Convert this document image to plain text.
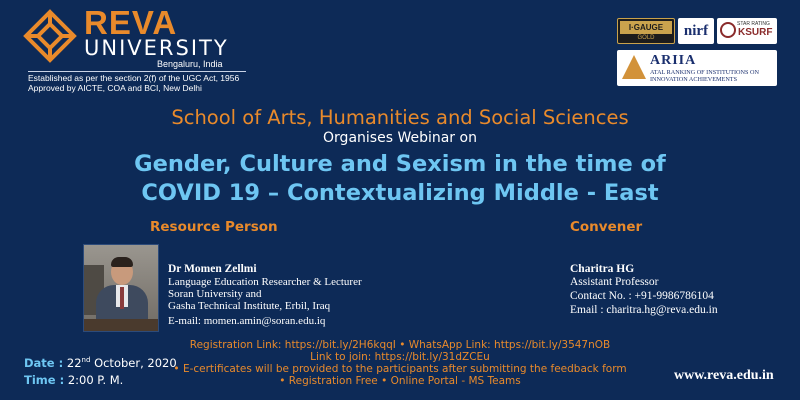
REVA
UNIVERSITY
Bengaluru, India
Established as per the section 2(f) of the UGC Act, 1956
Approved by AICTE, COA and BCI, New Delhi
I·GAUGE
GOLD	nirf	STAR RATING
KSURF
ARIIA
ATAL RANKING OF INSTITUTIONS ON INNOVATION ACHIEVEMENTS
School of Arts, Humanities and Social Sciences
Organises Webinar on
Gender, Culture and Sexism in the time of
COVID 19 – Contextualizing Middle - East
Resource Person	Convener
Dr Momen Zellmi
Language Education Researcher & Lecturer
Soran University and
Gasha Technical Institute, Erbil, Iraq
E-mail: momen.amin@soran.edu.iq
Charitra HG
Assistant Professor
Contact No. : +91-9986786104
Email : charitra.hg@reva.edu.in
Date : 22nd October, 2020
Time : 2:00 P. M.
Registration Link: https://bit.ly/2H6kqqI • WhatsApp Link: https://bit.ly/3547nOB
Link to join: https://bit.ly/31dZCEu
• E-certificates will be provided to the participants after submitting the feedback form
• Registration Free • Online Portal - MS Teams	www.reva.edu.in
